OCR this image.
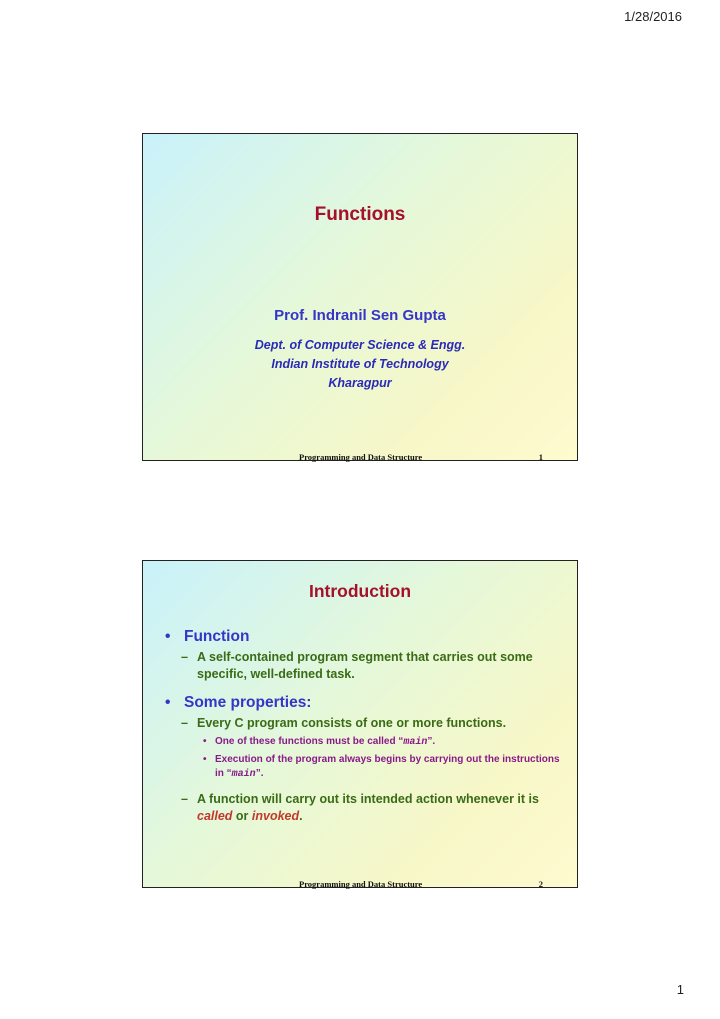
1/28/2016
Functions
Prof. Indranil Sen Gupta
Dept. of Computer Science & Engg.
Indian Institute of Technology
Kharagpur
Programming and Data Structure	1
Introduction
• Function
– A self-contained program segment that carries out some specific, well-defined task.
• Some properties:
– Every C program consists of one or more functions.
• One of these functions must be called “main”.
• Execution of the program always begins by carrying out the instructions in “main”.
– A function will carry out its intended action whenever it is called or invoked.
Programming and Data Structure	2
1
